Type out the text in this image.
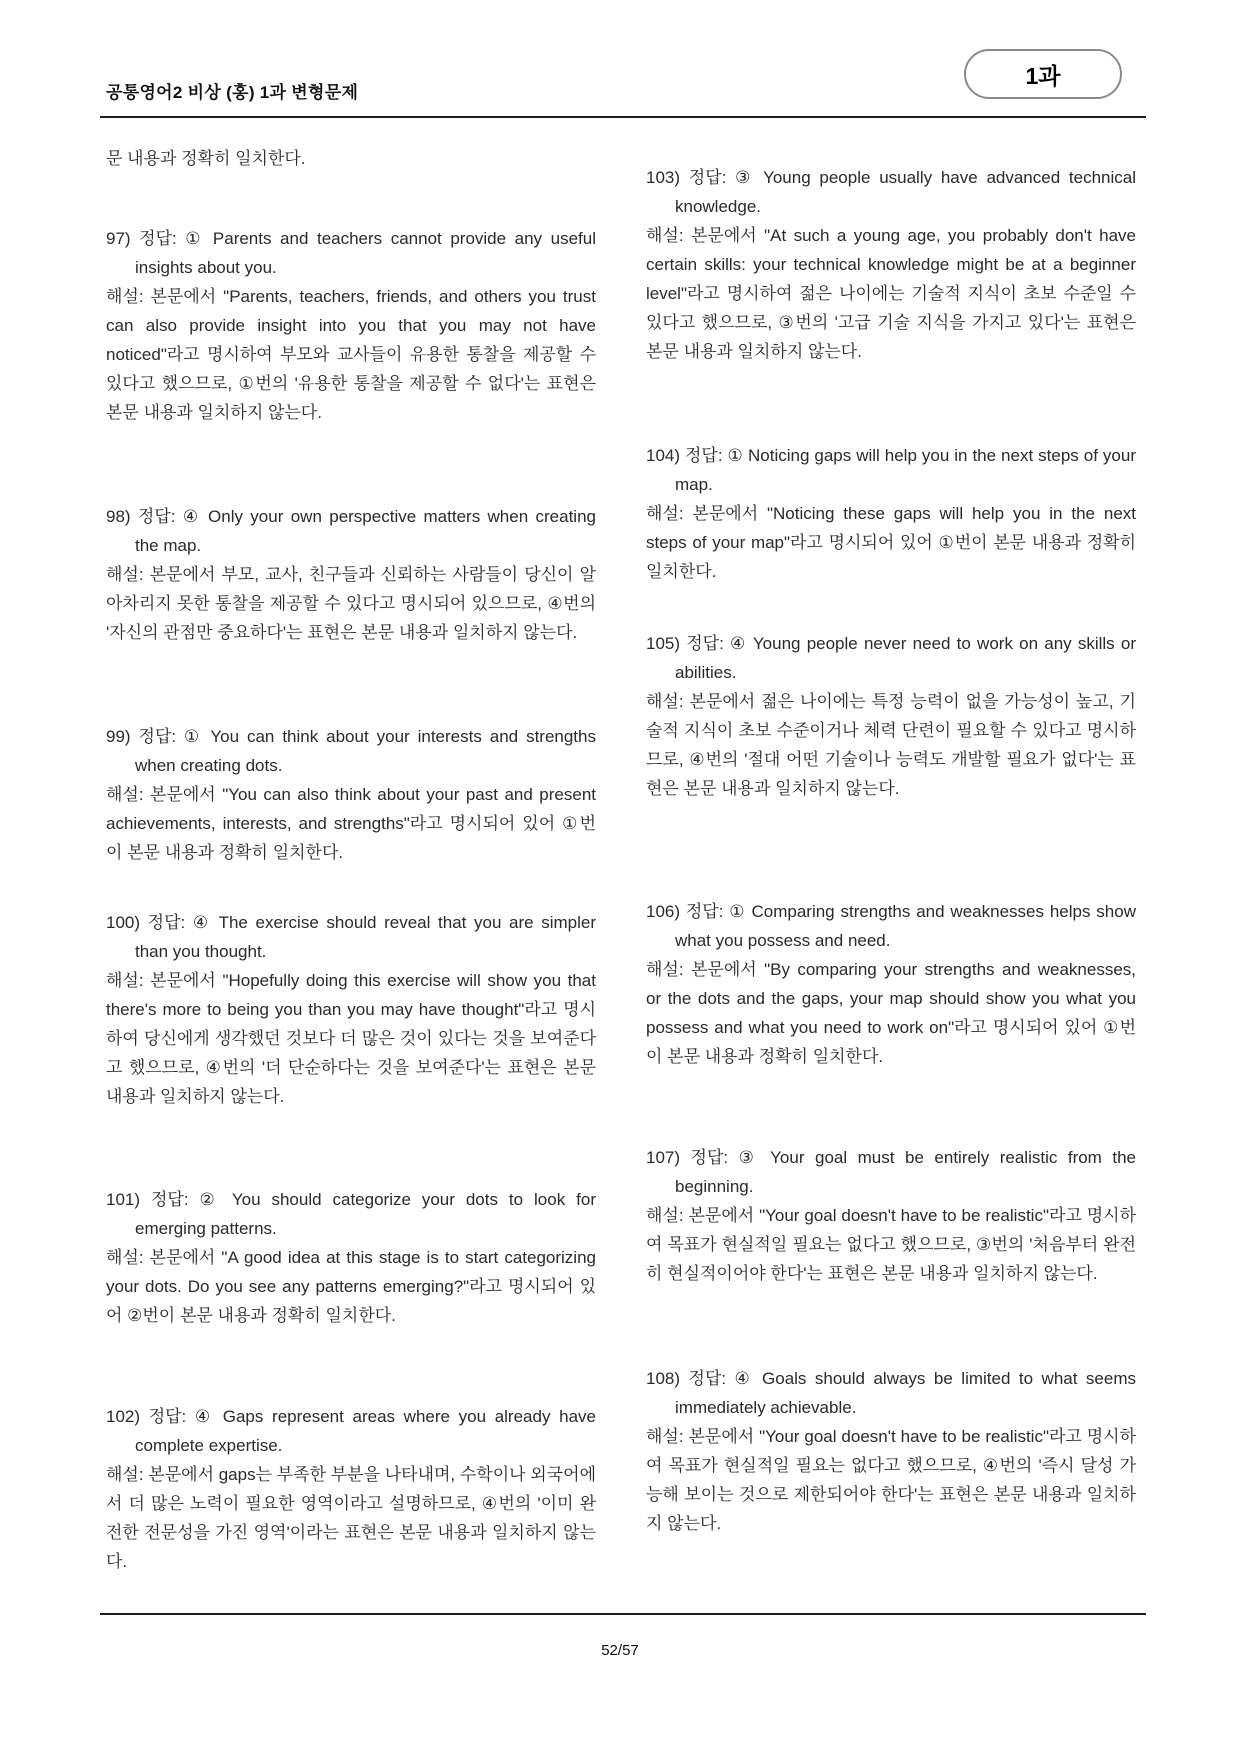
공통영어2 비상 (홍) 1과 변형문제
1과

문 내용과 정확히 일치한다.

97) 정답: ① Parents and teachers cannot provide any useful insights about you.

해설: 본문에서 "Parents, teachers, friends, and others you trust can also provide insight into you that you may not have noticed"라고 명시하여 부모와 교사들이 유용한 통찰을 제공할 수 있다고 했으므로, ①번의 '유용한 통찰을 제공할 수 없다'는 표현은 본문 내용과 일치하지 않는다.

98) 정답: ④ Only your own perspective matters when creating the map.

해설: 본문에서 부모, 교사, 친구들과 신뢰하는 사람들이 당신이 알아차리지 못한 통찰을 제공할 수 있다고 명시되어 있으므로, ④번의 '자신의 관점만 중요하다'는 표현은 본문 내용과 일치하지 않는다.

99) 정답: ① You can think about your interests and strengths when creating dots.

해설: 본문에서 "You can also think about your past and present achievements, interests, and strengths"라고 명시되어 있어 ①번이 본문 내용과 정확히 일치한다.

100) 정답: ④ The exercise should reveal that you are simpler than you thought.

해설: 본문에서 "Hopefully doing this exercise will show you that there's more to being you than you may have thought"라고 명시하여 당신에게 생각했던 것보다 더 많은 것이 있다는 것을 보여준다고 했으므로, ④번의 '더 단순하다는 것을 보여준다'는 표현은 본문 내용과 일치하지 않는다.

101) 정답: ② You should categorize your dots to look for emerging patterns.

해설: 본문에서 "A good idea at this stage is to start categorizing your dots. Do you see any patterns emerging?"라고 명시되어 있어 ②번이 본문 내용과 정확히 일치한다.

102) 정답: ④ Gaps represent areas where you already have complete expertise.

해설: 본문에서 gaps는 부족한 부분을 나타내며, 수학이나 외국어에서 더 많은 노력이 필요한 영역이라고 설명하므로, ④번의 '이미 완전한 전문성을 가진 영역'이라는 표현은 본문 내용과 일치하지 않는다.

103) 정답: ③ Young people usually have advanced technical knowledge.

해설: 본문에서 "At such a young age, you probably don't have certain skills: your technical knowledge might be at a beginner level"라고 명시하여 젊은 나이에는 기술적 지식이 초보 수준일 수 있다고 했으므로, ③번의 '고급 기술 지식을 가지고 있다'는 표현은 본문 내용과 일치하지 않는다.

104) 정답: ① Noticing gaps will help you in the next steps of your map.

해설: 본문에서 "Noticing these gaps will help you in the next steps of your map"라고 명시되어 있어 ①번이 본문 내용과 정확히 일치한다.

105) 정답: ④ Young people never need to work on any skills or abilities.

해설: 본문에서 젊은 나이에는 특정 능력이 없을 가능성이 높고, 기술적 지식이 초보 수준이거나 체력 단련이 필요할 수 있다고 명시하므로, ④번의 '절대 어떤 기술이나 능력도 개발할 필요가 없다'는 표현은 본문 내용과 일치하지 않는다.

106) 정답: ① Comparing strengths and weaknesses helps show what you possess and need.

해설: 본문에서 "By comparing your strengths and weaknesses, or the dots and the gaps, your map should show you what you possess and what you need to work on"라고 명시되어 있어 ①번이 본문 내용과 정확히 일치한다.

107) 정답: ③ Your goal must be entirely realistic from the beginning.

해설: 본문에서 "Your goal doesn't have to be realistic"라고 명시하여 목표가 현실적일 필요는 없다고 했으므로, ③번의 '처음부터 완전히 현실적이어야 한다'는 표현은 본문 내용과 일치하지 않는다.

108) 정답: ④ Goals should always be limited to what seems immediately achievable.

해설: 본문에서 "Your goal doesn't have to be realistic"라고 명시하여 목표가 현실적일 필요는 없다고 했으므로, ④번의 '즉시 달성 가능해 보이는 것으로 제한되어야 한다'는 표현은 본문 내용과 일치하지 않는다.

52/57
